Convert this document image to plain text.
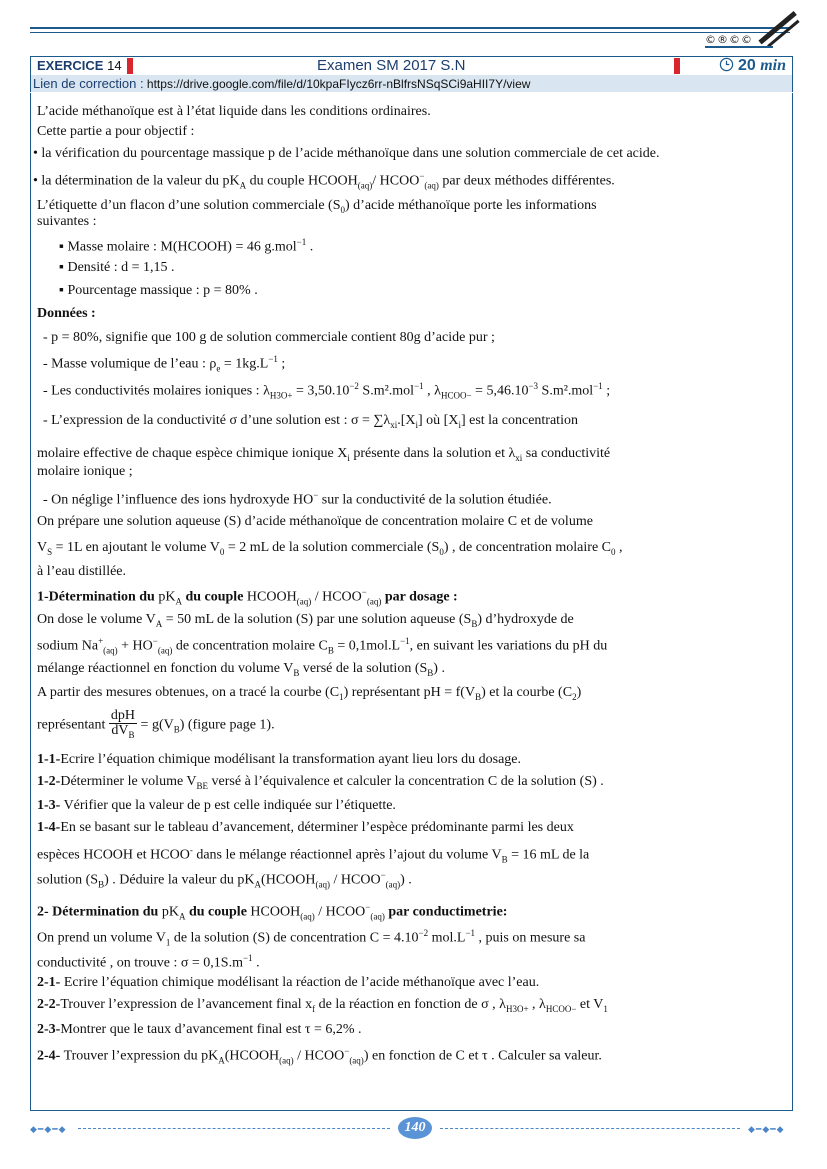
©®©©
EXERCICE 14	Examen SM 2017 S.N	20 min
Lien de correction : https://drive.google.com/file/d/10kpaFIycz6rr-nBlfrsNSqSCi9aHII7Y/view
L’acide méthanoïque est à l’état liquide dans les conditions ordinaires.
Cette partie a pour objectif :
• la vérification du pourcentage massique p de l’acide méthanoïque dans une solution commerciale de cet acide.
• la détermination de la valeur du $pK_A$ du couple $HCOOH_{(aq)}/$ $HCOO^-_{(aq)}$ par deux méthodes différentes.
L’étiquette d’un flacon d’une solution commerciale $(S_0)$ d’acide méthanoïque porte les informations
suivantes :
▪ Masse molaire : M(HCOOH) = 46 g.mol$^{-1}$ .
▪ Densité : d = 1,15 .
▪ Pourcentage massique : p = 80% .
Données :
- p = 80%, signifie que 100 g de solution commerciale contient 80g d’acide pur ;
- Masse volumique de l’eau : $\rho_e = 1kg.L^{-1}$ ;
- Les conductivités molaires ioniques : $\lambda_{H3O+} = 3,50.10^{-2}$ S.m².mol$^{-1}$ , $\lambda_{HCOO-} = 5,46.10^{-3}$ S.m².mol$^{-1}$ ;
- L’expression de la conductivité σ d’une solution est : $\sigma = \sum\lambda_{xi}.[X_i]$ où $[X_i]$ est la concentration
molaire effective de chaque espèce chimique ionique $X_i$ présente dans la solution et $\lambda_{xi}$ sa conductivité
molaire ionique ;
- On néglige l’influence des ions hydroxyde HO− sur la conductivité de la solution étudiée.
On prépare une solution aqueuse (S) d’acide méthanoïque de concentration molaire C et de volume
$V_S = 1L$ en ajoutant le volume $V_0 = 2$ mL de la solution commerciale $(S_0)$ , de concentration molaire $C_0$ ,
à l’eau distillée.
1-Détermination du $pK_A$ du couple $HCOOH_{(aq)}$ / $HCOO^-_{(aq)}$ par dosage :
On dose le volume $V_A = 50$ mL de la solution (S) par une solution aqueuse $(S_B)$ d’hydroxyde de
sodium $Na^+_{(aq)} + HO^-_{(aq)}$ de concentration molaire $C_B = 0,1mol.L^{-1}$, en suivant les variations du pH du
mélange réactionnel en fonction du volume $V_B$ versé de la solution $(S_B)$ .
A partir des mesures obtenues, on a tracé la courbe $(C_1)$ représentant pH = $f(V_B)$ et la courbe $(C_2)$
représentant $\frac{\text{dpH}}{dV_B} = g(V_B)$ (figure page 1).
1-1-Ecrire l’équation chimique modélisant la transformation ayant lieu lors du dosage.
1-2-Déterminer le volume $V_{BE}$ versé à l’équivalence et calculer la concentration C de la solution (S) .
1-3- Vérifier que la valeur de p est celle indiquée sur l’étiquette.
1-4-En se basant sur le tableau d’avancement, déterminer l’espèce prédominante parmi les deux
espèces HCOOH et HCOO- dans le mélange réactionnel après l’ajout du volume $V_B = 16$ mL de la
solution $(S_B)$ . Déduire la valeur du $pK_A(HCOOH_{(aq)}$ / $HCOO^-_{(aq)}$) .
2- Détermination du $pK_A$ du couple $HCOOH_{(aq)}$ / $HCOO^-_{(aq)}$ par conductimetrie:
On prend un volume $V_1$ de la solution (S) de concentration $C = 4.10^{-2}$ $mol.L^{-1}$ , puis on mesure sa
conductivité , on trouve : $\sigma = 0,1S.m^{-1}$ .
2-1- Ecrire l’équation chimique modélisant la réaction de l’acide méthanoïque avec l’eau.
2-2-Trouver l’expression de l’avancement final $x_f$ de la réaction en fonction de σ , $\lambda_{H3O+}$ , $\lambda_{HCOO-}$ et $V_1$
2-3-Montrer que le taux d’avancement final est τ = 6,2% .
2-4- Trouver l’expression du $pK_A(HCOOH_{(aq)}$ / $HCOO^-_{(aq)}$) en fonction de C et τ . Calculer sa valeur.
◆━◆━◆	140	◆━◆━◆
